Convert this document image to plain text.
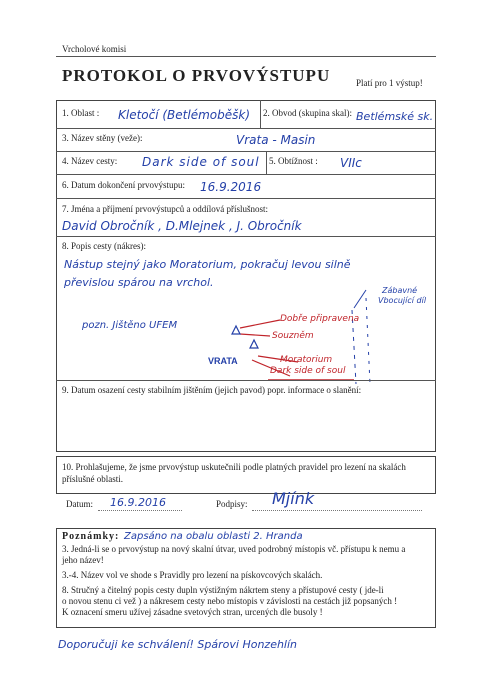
Vrcholové komisi
PROTOKOL O PRVOVÝSTUPU	Platí pro 1 výstup!
1. Oblast : Kletočí (Betlémoběšk) 2. Obvod (skupina skal): Betlémské sk.
3. Název stěny (veže):	Vrata - Masin
4. Název cesty: Dark side of soul 5. Obtížnost : VIIc
6. Datum dokončení prvovýstupu: 16.9.2016
7. Jména a příjmení prvovýstupců a oddílová příslušnost:
David Obročník , D.Mlejnek , J. Obročník
8. Popis cesty (nákres):
Nástup stejný jako Moratorium, pokračuj levou silně
převislou spárou na vrchol.
pozn. Jištěno UFEM
Dobře připravena
Souzněm
Zábavné
Vbocující díl
VRATA	Moratorium
Dark side of soul
9. Datum osazení cesty stabilním jištěním (jejich pavod) popr. informace o slanění:
10. Prohlašujeme, že jsme prvovýstup uskutečnili podle platných pravidel pro lezení na skalách
příslušné oblasti.
Datum: 16.9.2016	Podpisy: Mjínk
Poznámky: Zapsáno na obalu oblasti 2. Hranda
3. Jedná-li se o prvovýstup na nový skalní útvar, uved podrobný místopis vč. přístupu k nemu a
jeho název!
3.-4. Název vol ve shode s Pravidly pro lezení na pískovcových skalách.
8. Stručný a čitelný popis cesty dupln výstižným nákrtem steny a přístupové cesty ( jde-li
o novou stenu ci vež ) a nákresem cesty nebo místopis v závislosti na cestách již popsaných !
K oznacení smeru užívej zásadne svetových stran, urcených dle busoly !
Doporučuji ke schválení! Spárovi Honzehlín
